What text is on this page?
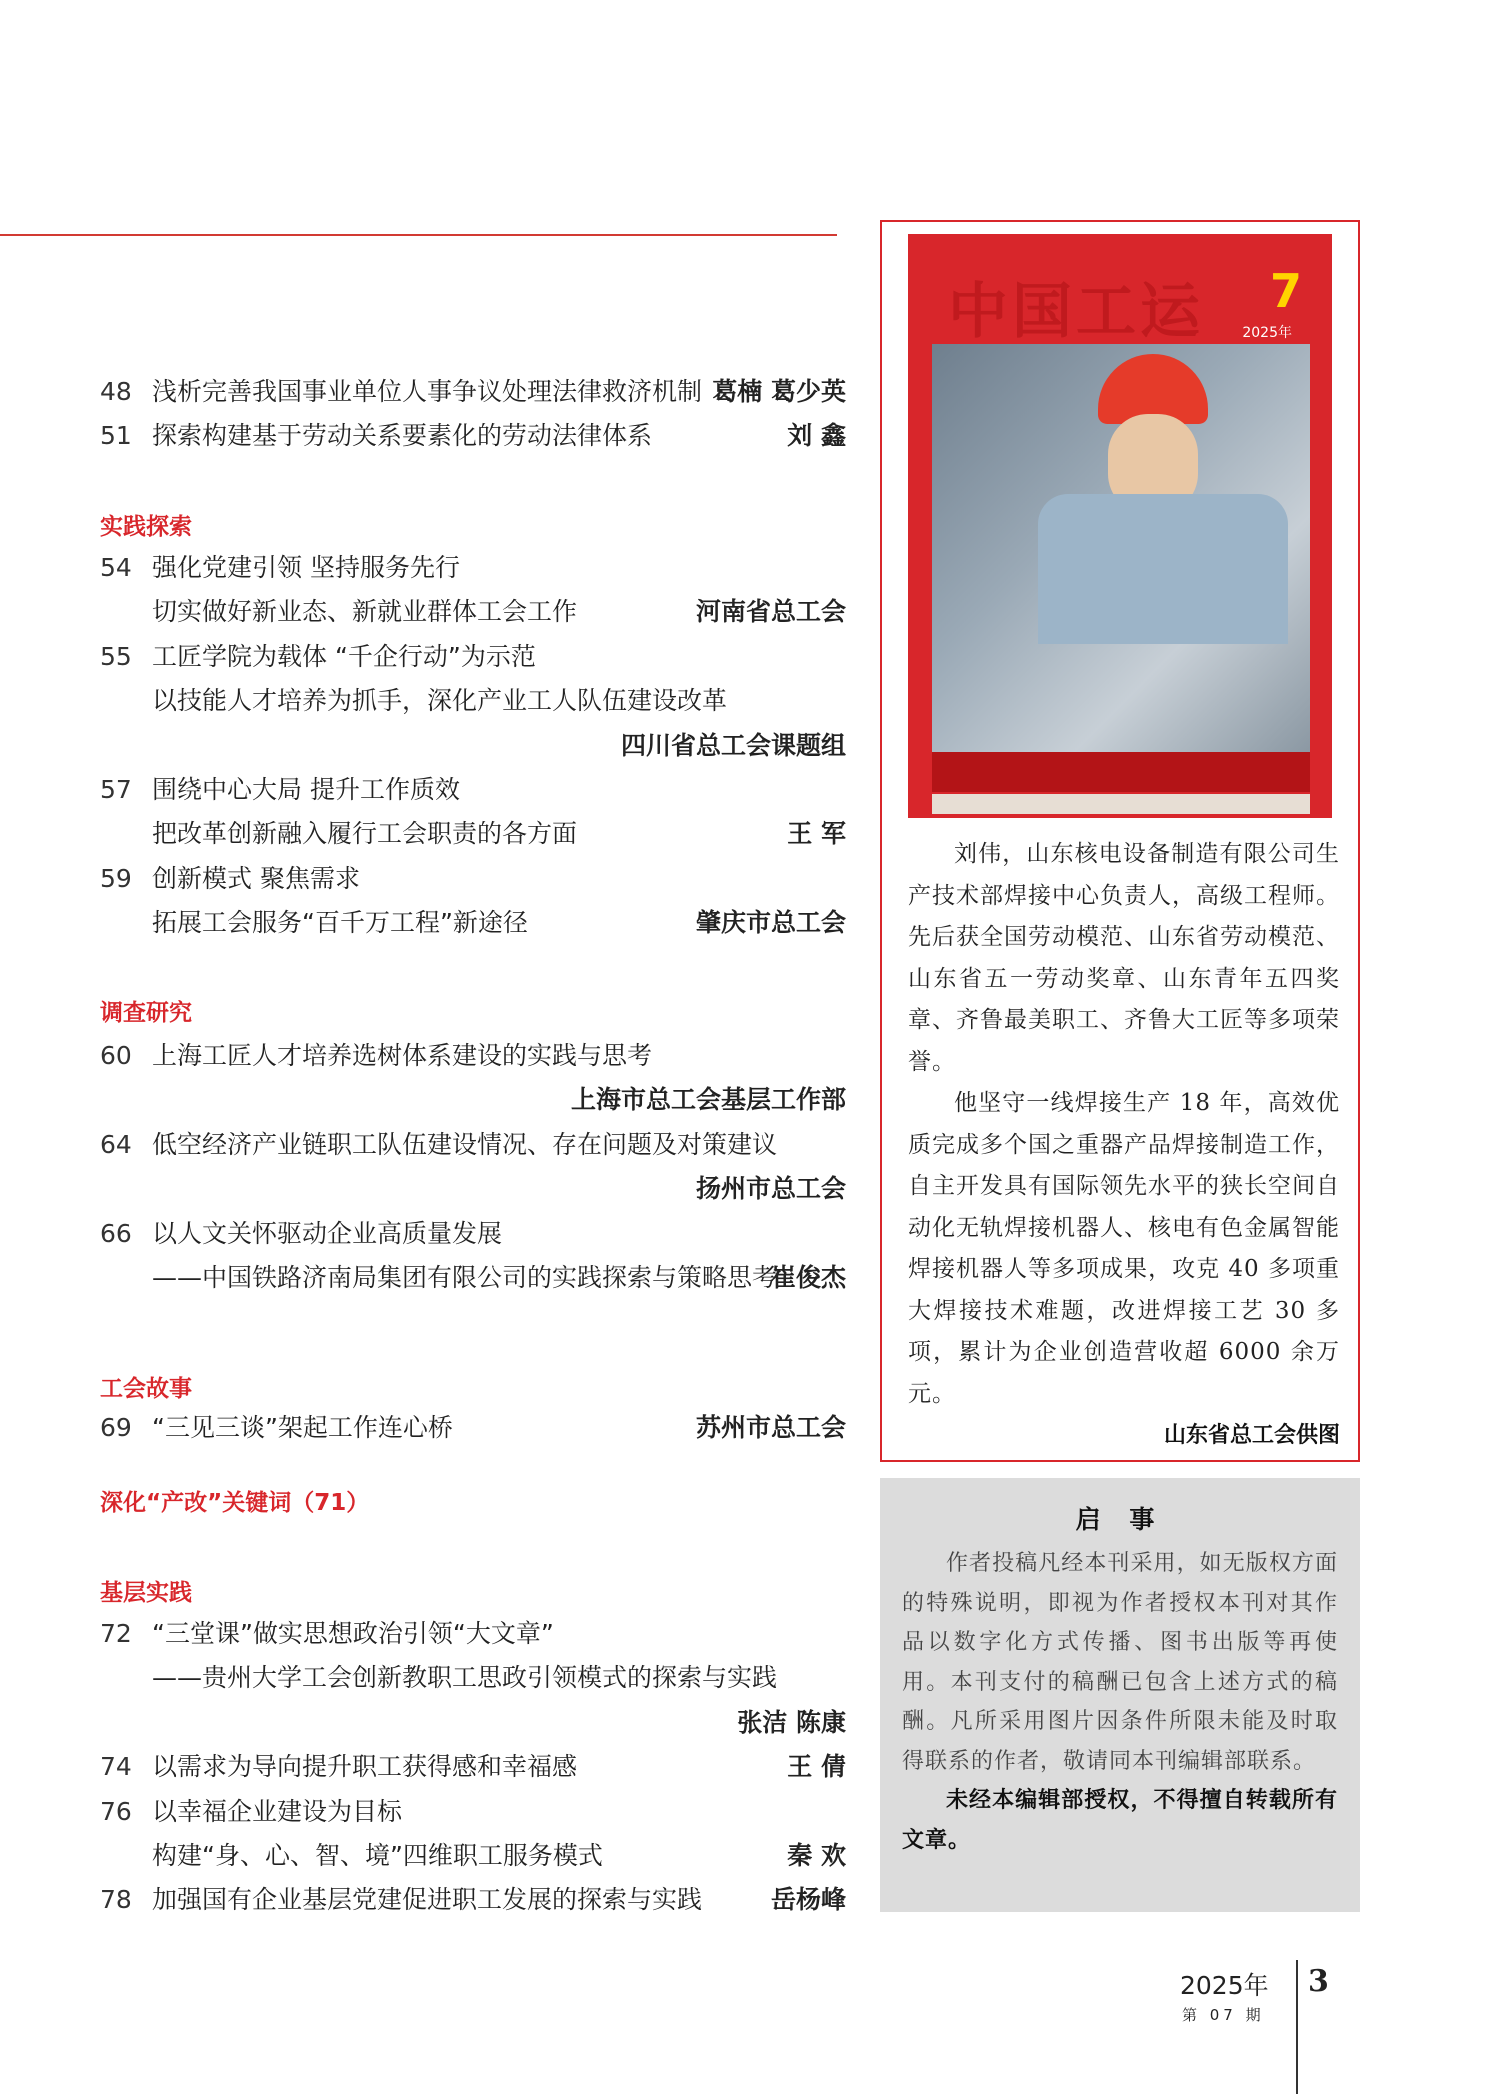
48 浅析完善我国事业单位人事争议处理法律救济机制 葛楠 葛少英
51 探索构建基于劳动关系要素化的劳动法律体系	刘 鑫
实践探索
54 强化党建引领 坚持服务先行
切实做好新业态、新就业群体工会工作	河南省总工会
55 工匠学院为载体 “千企行动”为示范
以技能人才培养为抓手，深化产业工人队伍建设改革
四川省总工会课题组
57 围绕中心大局 提升工作质效
把改革创新融入履行工会职责的各方面	王 军
59 创新模式 聚焦需求
拓展工会服务“百千万工程”新途径	肇庆市总工会
调查研究
60 上海工匠人才培养选树体系建设的实践与思考
上海市总工会基层工作部
64 低空经济产业链职工队伍建设情况、存在问题及对策建议
扬州市总工会
66 以人文关怀驱动企业高质量发展
——中国铁路济南局集团有限公司的实践探索与策略思考
崔俊杰
工会故事
69 “三见三谈”架起工作连心桥	苏州市总工会
深化“产改”关键词（71）
基层实践
72 “三堂课”做实思想政治引领“大文章”
——贵州大学工会创新教职工思政引领模式的探索与实践
张洁 陈康
74 以需求为导向提升职工获得感和幸福感	王 倩
76 以幸福企业建设为目标
构建“身、心、智、境”四维职工服务模式	秦 欢
78 加强国有企业基层党建促进职工发展的探索与实践	岳杨峰
中国工运 7
2025年

刘伟，山东核电设备制造有限公司生产技术部焊接中心负责人，高级工程师。先后获全国劳动模范、山东省劳动模范、山东省五一劳动奖章、山东青年五四奖章、齐鲁最美职工、齐鲁大工匠等多项荣誉。

他坚守一线焊接生产 18 年，高效优质完成多个国之重器产品焊接制造工作，自主开发具有国际领先水平的狭长空间自动化无轨焊接机器人、核电有色金属智能焊接机器人等多项成果，攻克 40 多项重大焊接技术难题，改进焊接工艺 30 多项，累计为企业创造营收超 6000 余万元。

山东省总工会供图
启 事

作者投稿凡经本刊采用，如无版权方面的特殊说明，即视为作者授权本刊对其作品以数字化方式传播、图书出版等再使用。本刊支付的稿酬已包含上述方式的稿酬。凡所采用图片因条件所限未能及时取得联系的作者，敬请同本刊编辑部联系。

未经本编辑部授权，不得擅自转载所有文章。

2025年
第 07 期
3
